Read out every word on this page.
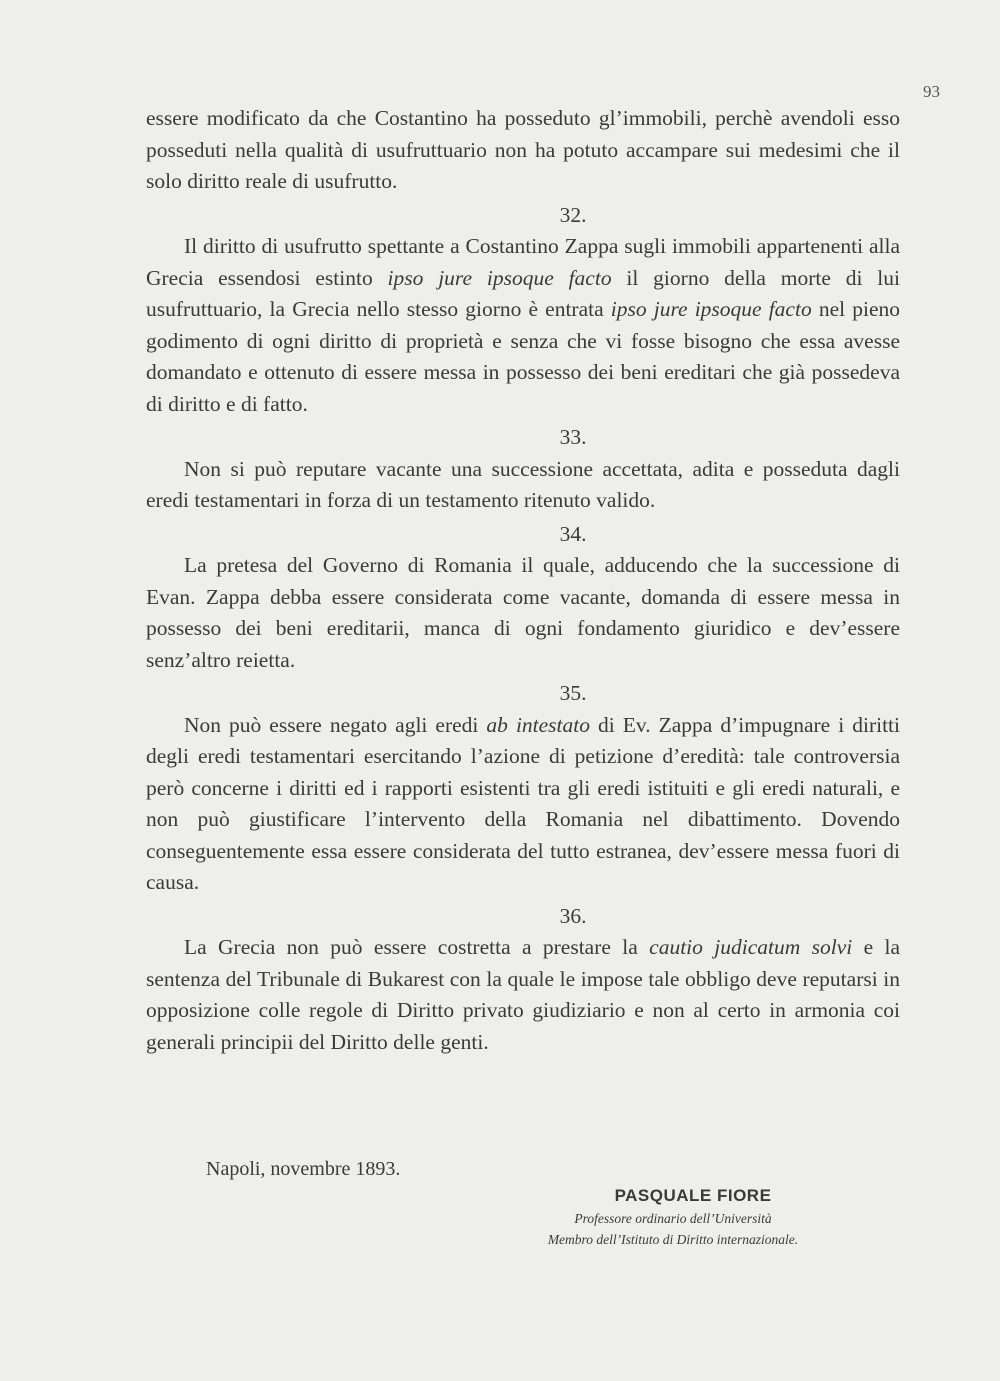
93

essere modificato da che Costantino ha posseduto gl’immobili, perchè avendoli esso posseduti nella qualità di usufruttuario non ha potuto accampare sui medesimi che il solo diritto reale di usufrutto.

32.

Il diritto di usufrutto spettante a Costantino Zappa sugli immobili appartenenti alla Grecia essendosi estinto ipso jure ipsoque facto il giorno della morte di lui usufruttuario, la Grecia nello stesso giorno è entrata ipso jure ipsoque facto nel pieno godimento di ogni diritto di proprietà e senza che vi fosse bisogno che essa avesse domandato e ottenuto di essere messa in possesso dei beni ereditari che già possedeva di diritto e di fatto.

33.

Non si può reputare vacante una successione accettata, adita e posseduta dagli eredi testamentari in forza di un testamento ritenuto valido.

34.

La pretesa del Governo di Romania il quale, adducendo che la successione di Evan. Zappa debba essere considerata come vacante, domanda di essere messa in possesso dei beni ereditarii, manca di ogni fondamento giuridico e dev’essere senz’altro reietta.

35.

Non può essere negato agli eredi ab intestato di Ev. Zappa d’impugnare i diritti degli eredi testamentari esercitando l’azione di petizione d’eredità: tale controversia però concerne i diritti ed i rapporti esistenti tra gli eredi istituiti e gli eredi naturali, e non può giustificare l’intervento della Romania nel dibattimento. Dovendo conseguentemente essa essere considerata del tutto estranea, dev’essere messa fuori di causa.

36.

La Grecia non può essere costretta a prestare la cautio judicatum solvi e la sentenza del Tribunale di Bukarest con la quale le impose tale obbligo deve reputarsi in opposizione colle regole di Diritto privato giudiziario e non al certo in armonia coi generali principii del Diritto delle genti.

Napoli, novembre 1893.
PASQUALE FIORE
Professore ordinario dell’Università
Membro dell’Istituto di Diritto internazionale.
